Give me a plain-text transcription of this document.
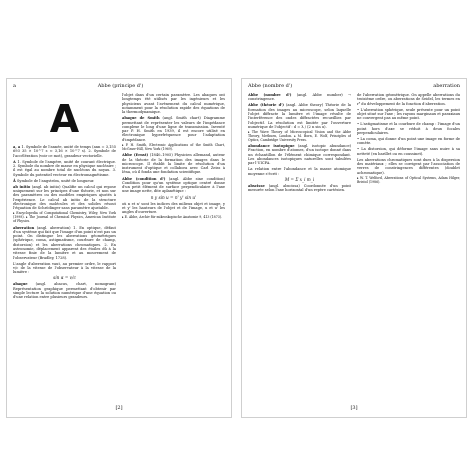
a	Abbe (principe d')
A

a, a 1. Symbole de l'année, unité de temps (ann = 3,155 693 35 × 10^7 s ≈ 3,16 × 10^7 s). 2. Symbole de l'accélération (voir ce mot), grandeur vectorielle.

A 1. Symbole de l'ampère, unité de courant électrique. 2. Symbole du nombre de masse en physique nucléaire ; il est égal au nombre total de nucléons du noyau. 3. Symbole du potentiel vecteur en électromagnétisme.

Å Symbole de l'angström, unité de longueur.

ab initio (angl. ab initio) Qualifie un calcul qui repose uniquement sur les principes d'une théorie, et non sur des paramètres ou des modèles empiriques ajustés à l'expérience. Le calcul ab initio de la structure électronique des molécules et des solides résout l'équation de Schrödinger sans paramètre ajustable.

▸ Encyclopedia of Computational Chemistry, Wiley, New York (1998). ▸ The Journal of Chemical Physics, American Institute of Physics.

aberration (angl. aberration) 1. En optique, défaut d'un système qui fait que l'image d'un point n'est pas un point. On distingue les aberrations géométriques (sphérique, coma, astigmatisme, courbure de champ, distorsion) et les aberrations chromatiques. 2. En astronomie, déplacement apparent des étoiles dû à la vitesse finie de la lumière et au mouvement de l'observateur (Bradley, 1728).

L'angle d'aberration vaut, au premier ordre, le rapport v/c de la vitesse de l'observateur à la vitesse de la lumière :

sin α = v/c

abaque (angl. abacus, chart, nomogram) Représentation graphique permettant d'obtenir par simple lecture la solution numérique d'une équation ou d'une relation entre plusieurs grandeurs.

l'objet dans d'un certain paramètre. Les abaques ont longtemps été utilisés par les ingénieurs et les physiciens avant l'avènement du calcul numérique, notamment pour la résolution rapide des équations de la thermodynamique.

abaque de Smith (angl. Smith chart) Diagramme permettant de représenter les valeurs de l'impédance complexe le long d'une ligne de transmission. Inventé par P. H. Smith en 1939, il est encore utilisé en électronique hyperfréquence pour l'adaptation d'impédance.

▸ P. H. Smith, Electronic Applications of the Smith Chart, McGraw-Hill, New York (1969).

Abbe (Ernst) (1840–1905) Physicien allemand, auteur de la théorie de la formation des images dans le microscope. Il établit la limite de résolution d'un instrument d'optique et collabora avec Carl Zeiss à Iéna, où il fonda une fondation scientifique.

Abbe (condition d') (angl. Abbe sine condition) Condition pour qu'un système optique centré donne d'un petit élément de surface perpendiculaire à l'axe une image nette, dite aplanétique :

n y sin u = n' y' sin u'

où n et n' sont les indices des milieux objet et image, y et y' les hauteurs de l'objet et de l'image, u et u' les angles d'ouverture.

▸ E. Abbe, Archiv für mikroskopische Anatomie 9, 413 (1873).

[2]
Abbe (nombre d')	aberration

Abbe (nombre d') (angl. Abbe number) → constringence.

Abbe (théorie d') (angl. Abbe theory) Théorie de la formation des images au microscope, selon laquelle l'objet diffracte la lumière et l'image résulte de l'interférence des ondes diffractées recueillies par l'objectif. La résolution est limitée par l'ouverture numérique de l'objectif : d = λ / (2 n sin u).

▸ The Wave Theory of Microscopical Vision and the Abbe Theory, Methuen, London. ▸ M. Born, E. Wolf, Principles of Optics, Cambridge University Press.

abondance isotopique (angl. isotopic abundance) Fraction, en nombre d'atomes, d'un isotope donné dans un échantillon de l'élément chimique correspondant. Les abondances isotopiques naturelles sont tabulées par l'UICPA.

La relation entre l'abondance et la masse atomique moyenne s'écrit :

M = Σ x_i m_i

abscisse (angl. abscissa) Coordonnée d'un point mesurée selon l'axe horizontal d'un repère cartésien.

de l'aberration géométrique. On appelle aberrations du troisième ordre, ou aberrations de Seidel, les termes en r⁴ du développement de la fonction d'aberration.

• L'aberration sphérique, seule présente pour un point objet situé sur l'axe ; les rayons marginaux et paraxiaux ne convergent pas au même point.

• L'astigmatisme et la courbure de champ : l'image d'un point hors d'axe se réduit à deux focales perpendiculaires.

• La coma, qui donne d'un point une image en forme de comète.

• La distorsion, qui déforme l'image sans nuire à sa netteté (en barillet ou en coussinet).

Les aberrations chromatiques sont dues à la dispersion des matériaux ; elles se corrigent par l'association de verres de constringences différentes (doublet achromatique).

▸ W. T. Welford, Aberrations of Optical Systems, Adam Hilger, Bristol (1986).

[3]
